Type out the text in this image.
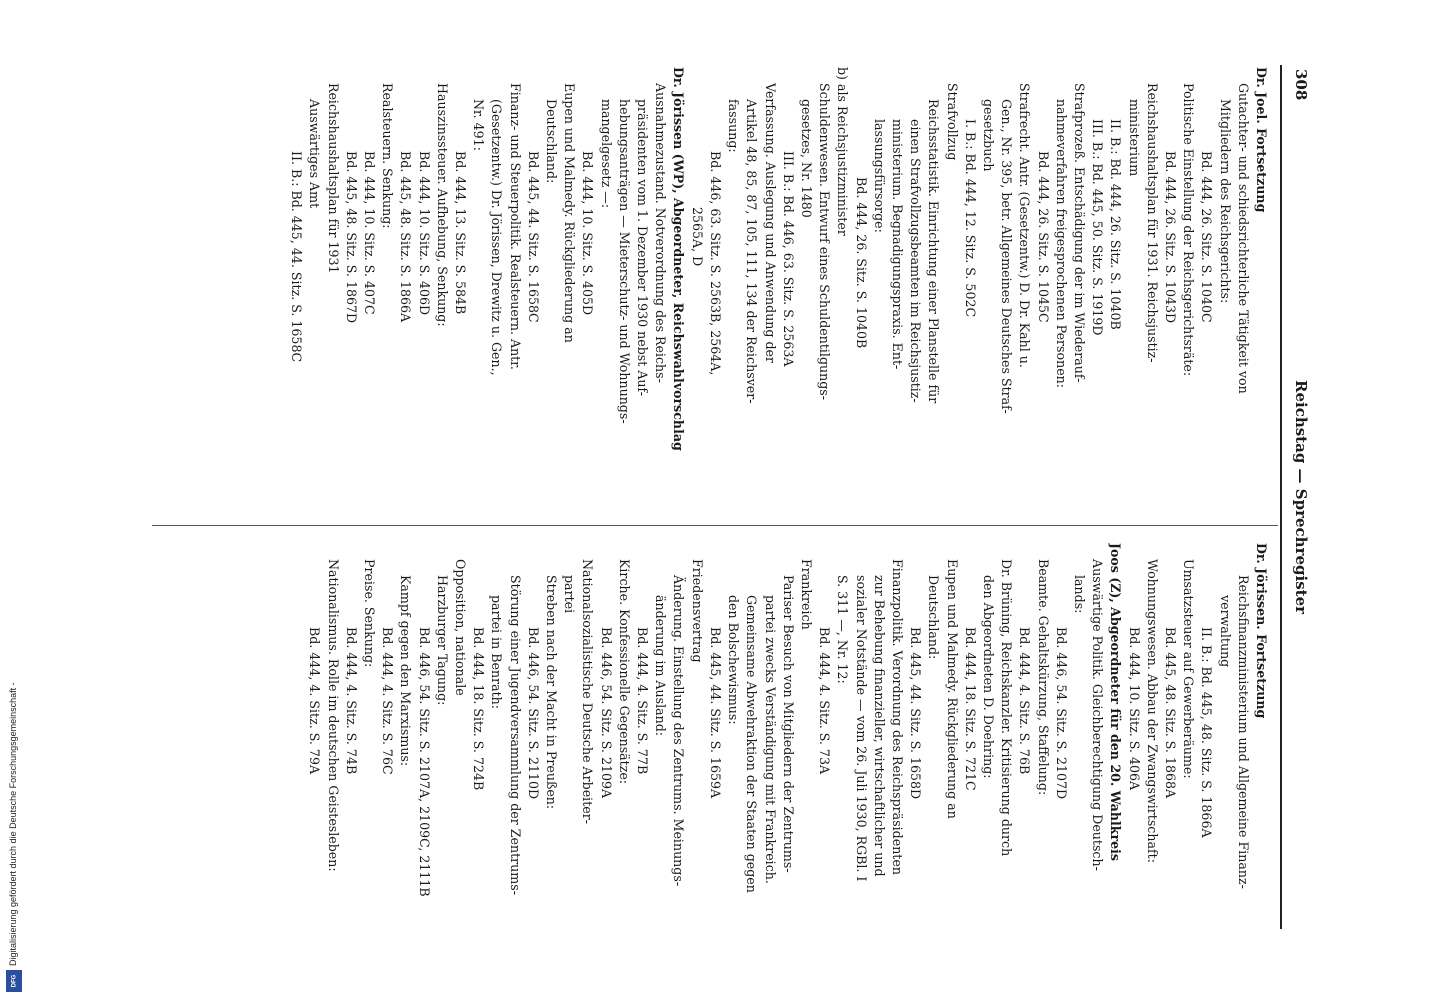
308
Reichstag — Sprechregister
Dr. Joel. Fortsetzung
Gutachter- und schiedsrichterliche Tätigkeit von
Mitgliedern des Reichsgerichts:
Bd. 444, 26. Sitz. S. 1040C
Politische Einstellung der Reichsgerichtsräte:
Bd. 444, 26. Sitz. S. 1043D
Reichshaushaltsplan für 1931. Reichsjustiz-
ministerium
II. B.: Bd. 444, 26. Sitz. S. 1040B
III. B.: Bd. 445, 50. Sitz. S. 1919D
Strafprozeß. Entschädigung der im Wiederauf-
nahmeverfahren freigesprochenen Personen:
Bd. 444, 26. Sitz. S. 1045C
Strafrecht. Antr. (Gesetzentw.) D. Dr. Kahl u.
Gen., Nr. 395, betr. Allgemeines Deutsches Straf-
gesetzbuch
I. B.: Bd. 444, 12. Sitz. S. 502C
Strafvollzug
Reichsstatistik. Einrichtung einer Planstelle für
einen Strafvollzugsbeamten im Reichsjustiz-
ministerium. Begnadigungspraxis. Ent-
lassungsfürsorge:
Bd. 444, 26. Sitz. S. 1040B
b) als Reichsjustizminister
Schuldenwesen. Entwurf eines Schuldentilgungs-
gesetzes, Nr. 1480
III. B.: Bd. 446, 63. Sitz. S. 2563A
Verfassung. Auslegung und Anwendung der
Artikel 48, 85, 87, 105, 111, 134 der Reichsver-
fassung:
Bd. 446, 63. Sitz. S. 2563B, 2564A,
2565A, D
Dr. Jörissen (WP), Abgeordneter, Reichswahlvorschlag
Ausnahmezustand. Notverordnung des Reichs-
präsidenten vom 1. Dezember 1930 nebst Auf-
hebungsanträgen — Mieterschutz- und Wohnungs-
mangelgesetz —:
Bd. 444, 10. Sitz. S. 405D
Eupen und Malmedy. Rückgliederung an
Deutschland:
Bd. 445, 44. Sitz. S. 1658C
Finanz- und Steuerpolitik. Realsteuern. Antr.
(Gesetzentw.) Dr. Jörissen, Drewitz u. Gen.,
Nr. 491:
Bd. 444, 13. Sitz. S. 584B
Hauszinssteuer. Aufhebung, Senkung:
Bd. 444, 10. Sitz. S. 406D
Bd. 445, 48. Sitz. S. 1866A
Realsteuern. Senkung:
Bd. 444, 10. Sitz. S. 407C
Bd. 445, 48. Sitz. S. 1867D
Reichshaushaltsplan für 1931
Auswärtiges Amt
II. B.: Bd. 445, 44. Sitz. S. 1658C
Dr. Jörissen. Fortsetzung
Reichsfinanzministerium und Allgemeine Finanz-
verwaltung
II. B.: Bd. 445, 48. Sitz. S. 1866A
Umsatzsteuer auf Gewerberäume:
Bd. 445, 48. Sitz. S. 1868A
Wohnungswesen. Abbau der Zwangswirtschaft:
Bd. 444, 10. Sitz. S. 406A
Joos (Z), Abgeordneter für den 20. Wahlkreis
Auswärtige Politik. Gleichberechtigung Deutsch-
lands:
Bd. 446, 54. Sitz. S. 2107D
Beamte. Gehaltskürzung, Staffelung:
Bd. 444, 4. Sitz. S. 76B
Dr. Brüning, Reichskanzler. Kritisierung durch
den Abgeordneten D. Doehring:
Bd. 444, 18. Sitz. S. 721C
Eupen und Malmedy. Rückgliederung an
Deutschland:
Bd. 445, 44. Sitz. S. 1658D
Finanzpolitik. Verordnung des Reichspräsidenten
zur Behebung finanzieller, wirtschaftlicher und
sozialer Notstände — vom 26. Juli 1930, RGBl. I
S. 311 —, Nr. 12:
Bd. 444, 4. Sitz. S. 73A
Frankreich
Pariser Besuch von Mitgliedern der Zentrums-
partei zwecks Verständigung mit Frankreich.
Gemeinsame Abwehraktion der Staaten gegen
den Bolschewismus:
Bd. 445, 44. Sitz. S. 1659A
Friedensvertrag
Änderung. Einstellung des Zentrums. Meinungs-
änderung im Ausland:
Bd. 444, 4. Sitz. S. 77B
Kirche. Konfessionelle Gegensätze:
Bd. 446, 54. Sitz. S. 2109A
Nationalsozialistische Deutsche Arbeiter-
partei
Streben nach der Macht in Preußen:
Bd. 446, 54. Sitz. S. 2110D
Störung einer Jugendversammlung der Zentrums-
partei in Benrath:
Bd. 444, 18. Sitz. S. 724B
Opposition, nationale
Harzburger Tagung:
Bd. 446, 54. Sitz. S. 2107A, 2109C, 2111B
Kampf gegen den Marxismus:
Bd. 444, 4. Sitz. S. 76C
Preise. Senkung:
Bd. 444, 4. Sitz. S. 74B
Nationalismus. Rolle im deutschen Geistesleben:
Bd. 444, 4. Sitz. S. 79A
Digitalisierung gefördert durch die Deutsche Forschungsgemeinschaft -
DFG
